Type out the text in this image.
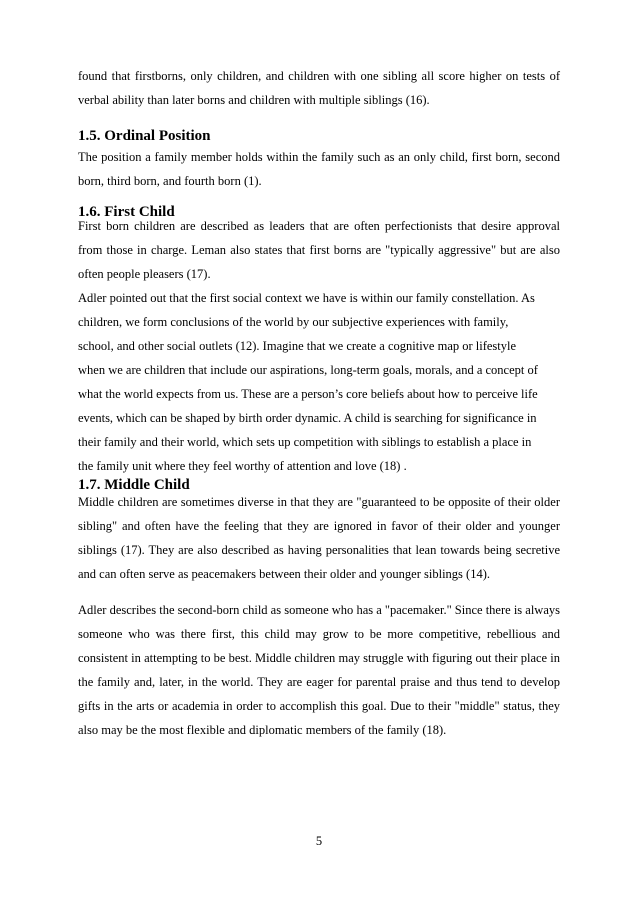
found that firstborns, only children, and children with one sibling all score higher on tests of verbal ability than later borns and children with multiple siblings (16).

1.5. Ordinal Position

The position a family member holds within the family such as an only child, first born, second born, third born, and fourth born (1).

1.6. First Child

First born children are described as leaders that are often perfectionists that desire approval from those in charge. Leman also states that first borns are "typically aggressive" but are also often people pleasers (17).

Adler pointed out that the first social context we have is within our family constellation. As children, we form conclusions of the world by our subjective experiences with family, school, and other social outlets (12). Imagine that we create a cognitive map or lifestyle when we are children that include our aspirations, long-term goals, morals, and a concept of what the world expects from us. These are a person’s core beliefs about how to perceive life events, which can be shaped by birth order dynamic. A child is searching for significance in their family and their world, which sets up competition with siblings to establish a place in the family unit where they feel worthy of attention and love (18) .

1.7. Middle Child

Middle children are sometimes diverse in that they are "guaranteed to be opposite of their older sibling" and often have the feeling that they are ignored in favor of their older and younger siblings (17). They are also described as having personalities that lean towards being secretive and can often serve as peacemakers between their older and younger siblings (14).

Adler describes the second-born child as someone who has a "pacemaker." Since there is always someone who was there first, this child may grow to be more competitive, rebellious and consistent in attempting to be best. Middle children may struggle with figuring out their place in the family and, later, in the world. They are eager for parental praise and thus tend to develop gifts in the arts or academia in order to accomplish this goal. Due to their "middle" status, they also may be the most flexible and diplomatic members of the family (18).

5
